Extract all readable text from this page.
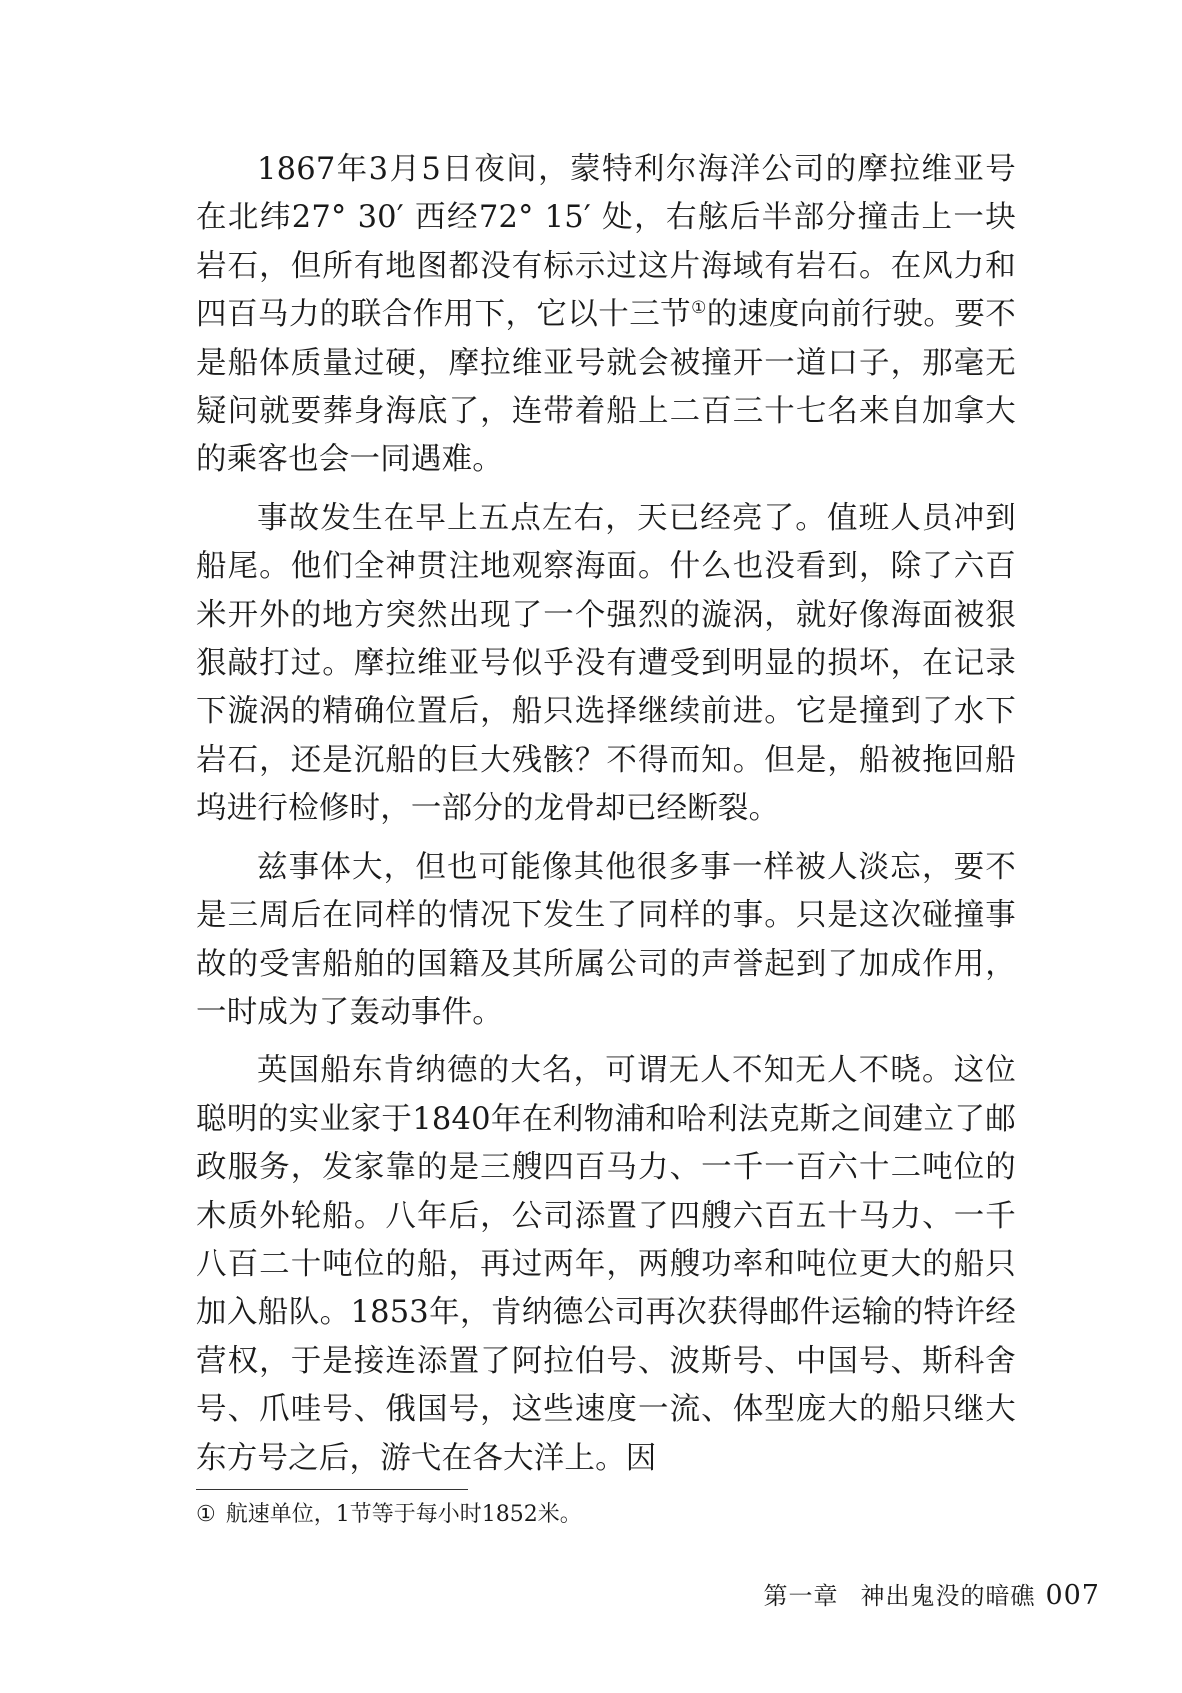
1867年3月5日夜间，蒙特利尔海洋公司的摩拉维亚号在北纬27° 30′ 西经72° 15′ 处，右舷后半部分撞击上一块岩石，但所有地图都没有标示过这片海域有岩石。在风力和四百马力的联合作用下，它以十三节①的速度向前行驶。要不是船体质量过硬，摩拉维亚号就会被撞开一道口子，那毫无疑问就要葬身海底了，连带着船上二百三十七名来自加拿大的乘客也会一同遇难。

事故发生在早上五点左右，天已经亮了。值班人员冲到船尾。他们全神贯注地观察海面。什么也没看到，除了六百米开外的地方突然出现了一个强烈的漩涡，就好像海面被狠狠敲打过。摩拉维亚号似乎没有遭受到明显的损坏，在记录下漩涡的精确位置后，船只选择继续前进。它是撞到了水下岩石，还是沉船的巨大残骸？不得而知。但是，船被拖回船坞进行检修时，一部分的龙骨却已经断裂。

兹事体大，但也可能像其他很多事一样被人淡忘，要不是三周后在同样的情况下发生了同样的事。只是这次碰撞事故的受害船舶的国籍及其所属公司的声誉起到了加成作用，一时成为了轰动事件。

英国船东肯纳德的大名，可谓无人不知无人不晓。这位聪明的实业家于1840年在利物浦和哈利法克斯之间建立了邮政服务，发家靠的是三艘四百马力、一千一百六十二吨位的木质外轮船。八年后，公司添置了四艘六百五十马力、一千八百二十吨位的船，再过两年，两艘功率和吨位更大的船只加入船队。1853年，肯纳德公司再次获得邮件运输的特许经营权，于是接连添置了阿拉伯号、波斯号、中国号、斯科舍号、爪哇号、俄国号，这些速度一流、体型庞大的船只继大东方号之后，游弋在各大洋上。因

① 航速单位，1节等于每小时1852米。
第一章 神出鬼没的暗礁 007
